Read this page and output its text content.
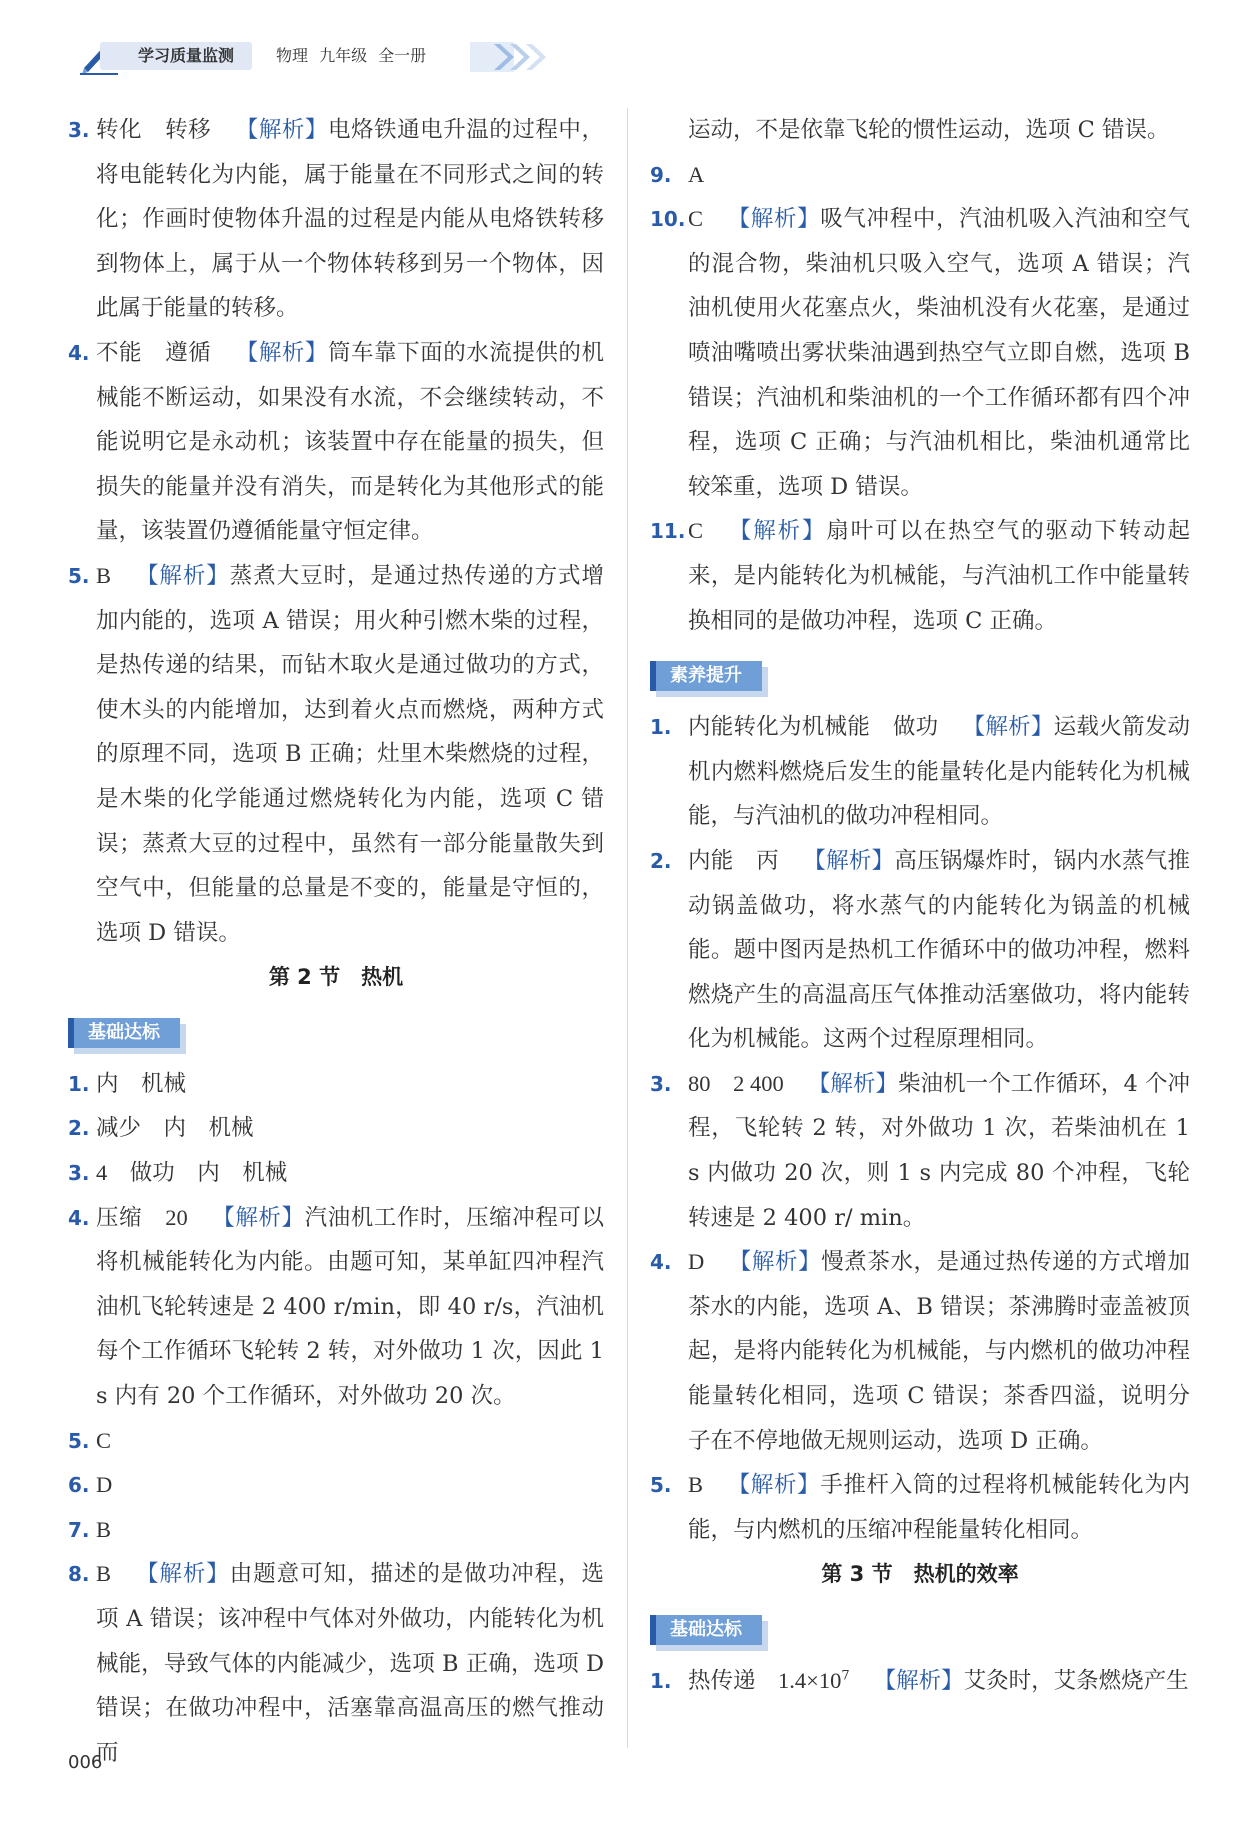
学习质量监测	物理 九年级 全一册
3. 转化　转移 【解析】电烙铁通电升温的过程中，将电能转化为内能，属于能量在不同形式之间的转化；作画时使物体升温的过程是内能从电烙铁转移到物体上，属于从一个物体转移到另一个物体，因此属于能量的转移。
4. 不能　遵循 【解析】筒车靠下面的水流提供的机械能不断运动，如果没有水流，不会继续转动，不能说明它是永动机；该装置中存在能量的损失，但损失的能量并没有消失，而是转化为其他形式的能量，该装置仍遵循能量守恒定律。
5. B 【解析】蒸煮大豆时，是通过热传递的方式增加内能的，选项 A 错误；用火种引燃木柴的过程，是热传递的结果，而钻木取火是通过做功的方式，使木头的内能增加，达到着火点而燃烧，两种方式的原理不同，选项 B 正确；灶里木柴燃烧的过程，是木柴的化学能通过燃烧转化为内能，选项 C 错误；蒸煮大豆的过程中，虽然有一部分能量散失到空气中，但能量的总量是不变的，能量是守恒的，选项 D 错误。
第 2 节　热机
基础达标
1. 内　机械
2. 减少　内　机械
3. 4　做功　内　机械
4. 压缩　20 【解析】汽油机工作时，压缩冲程可以将机械能转化为内能。由题可知，某单缸四冲程汽油机飞轮转速是 2 400 r/min，即 40 r/s，汽油机每个工作循环飞轮转 2 转，对外做功 1 次，因此 1 s 内有 20 个工作循环，对外做功 20 次。
5. C
6. D
7. B
8. B 【解析】由题意可知，描述的是做功冲程，选项 A 错误；该冲程中气体对外做功，内能转化为机械能，导致气体的内能减少，选项 B 正确，选项 D 错误；在做功冲程中，活塞靠高温高压的燃气推动而
运动，不是依靠飞轮的惯性运动，选项 C 错误。
9. A
10. C 【解析】吸气冲程中，汽油机吸入汽油和空气的混合物，柴油机只吸入空气，选项 A 错误；汽油机使用火花塞点火，柴油机没有火花塞，是通过喷油嘴喷出雾状柴油遇到热空气立即自燃，选项 B 错误；汽油机和柴油机的一个工作循环都有四个冲程，选项 C 正确；与汽油机相比，柴油机通常比较笨重，选项 D 错误。
11. C 【解析】扇叶可以在热空气的驱动下转动起来，是内能转化为机械能，与汽油机工作中能量转换相同的是做功冲程，选项 C 正确。
素养提升
1. 内能转化为机械能　做功 【解析】运载火箭发动机内燃料燃烧后发生的能量转化是内能转化为机械能，与汽油机的做功冲程相同。
2. 内能　丙 【解析】高压锅爆炸时，锅内水蒸气推动锅盖做功，将水蒸气的内能转化为锅盖的机械能。题中图丙是热机工作循环中的做功冲程，燃料燃烧产生的高温高压气体推动活塞做功，将内能转化为机械能。这两个过程原理相同。
3. 80　2 400 【解析】柴油机一个工作循环，4 个冲程，飞轮转 2 转，对外做功 1 次，若柴油机在 1 s 内做功 20 次，则 1 s 内完成 80 个冲程，飞轮转速是 2 400 r/ min。
4. D 【解析】慢煮茶水，是通过热传递的方式增加茶水的内能，选项 A、B 错误；茶沸腾时壶盖被顶起，是将内能转化为机械能，与内燃机的做功冲程能量转化相同，选项 C 错误；茶香四溢，说明分子在不停地做无规则运动，选项 D 正确。
5. B 【解析】手推杆入筒的过程将机械能转化为内能，与内燃机的压缩冲程能量转化相同。
第 3 节　热机的效率
基础达标
1. 热传递　$1.4\times 10^7$ 【解析】艾灸时，艾条燃烧产生
006
